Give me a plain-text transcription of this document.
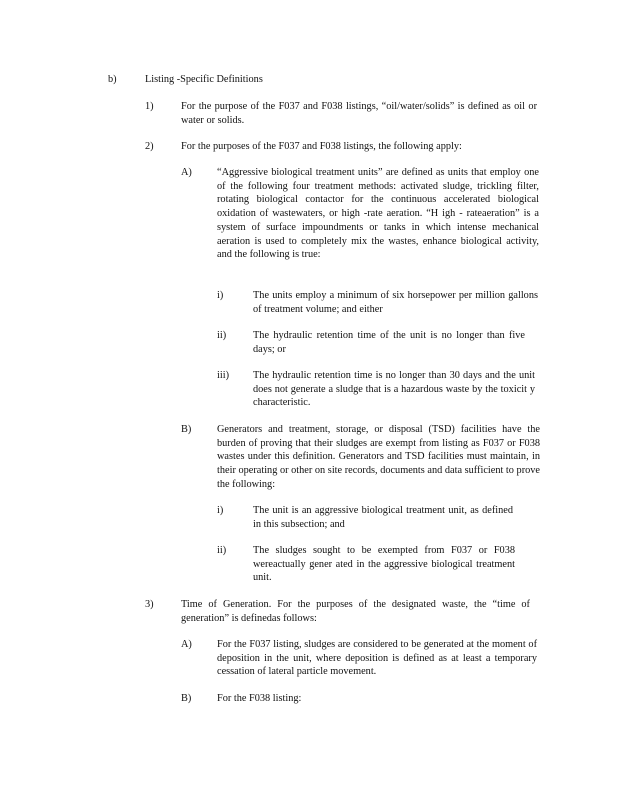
b)	Listing -Specific Definitions
1)	For the purpose of the F037 and F038 listings, “oil/water/solids” is defined as oil or water or solids.
2)	For the purposes of the F037 and F038 listings, the following apply:
A) “Aggressive biological treatment units” are defined as units that employ one of the following four treatment methods: activated sludge, trickling filter, rotating biological contactor for the continuous accelerated biological oxidation of wastewaters, or high -rate aeration. “H igh - rateaeration” is a system of surface impoundments or tanks in which intense mechanical aeration is used to completely mix the wastes, enhance biological activity, and the following is true:
i)	The units employ a minimum of six horsepower per million gallons of treatment volume; and either
ii)	The hydraulic retention time of the unit is no longer than five days; or
iii) The hydraulic retention time is no longer than 30 days and the unit does not generate a sludge that is a hazardous waste by the toxicit y characteristic.
B) Generators and treatment, storage, or disposal (TSD) facilities have the burden of proving that their sludges are exempt from listing as F037 or F038 wastes under this definition. Generators and TSD facilities must maintain, in their operating or other on site records, documents and data sufficient to prove the following:
i)	The unit is an aggressive biological treatment unit, as defined in this subsection; and
ii)	The sludges sought to be exempted from F037 or F038 wereactually gener ated in the aggressive biological treatment unit.
3)	Time of Generation. For the purposes of the designated waste, the “time of generation” is definedas follows:
A) For the F037 listing, sludges are considered to be generated at the moment of deposition in the unit, where deposition is defined as at least a temporary cessation of lateral particle movement.
B) For the F038 listing:
